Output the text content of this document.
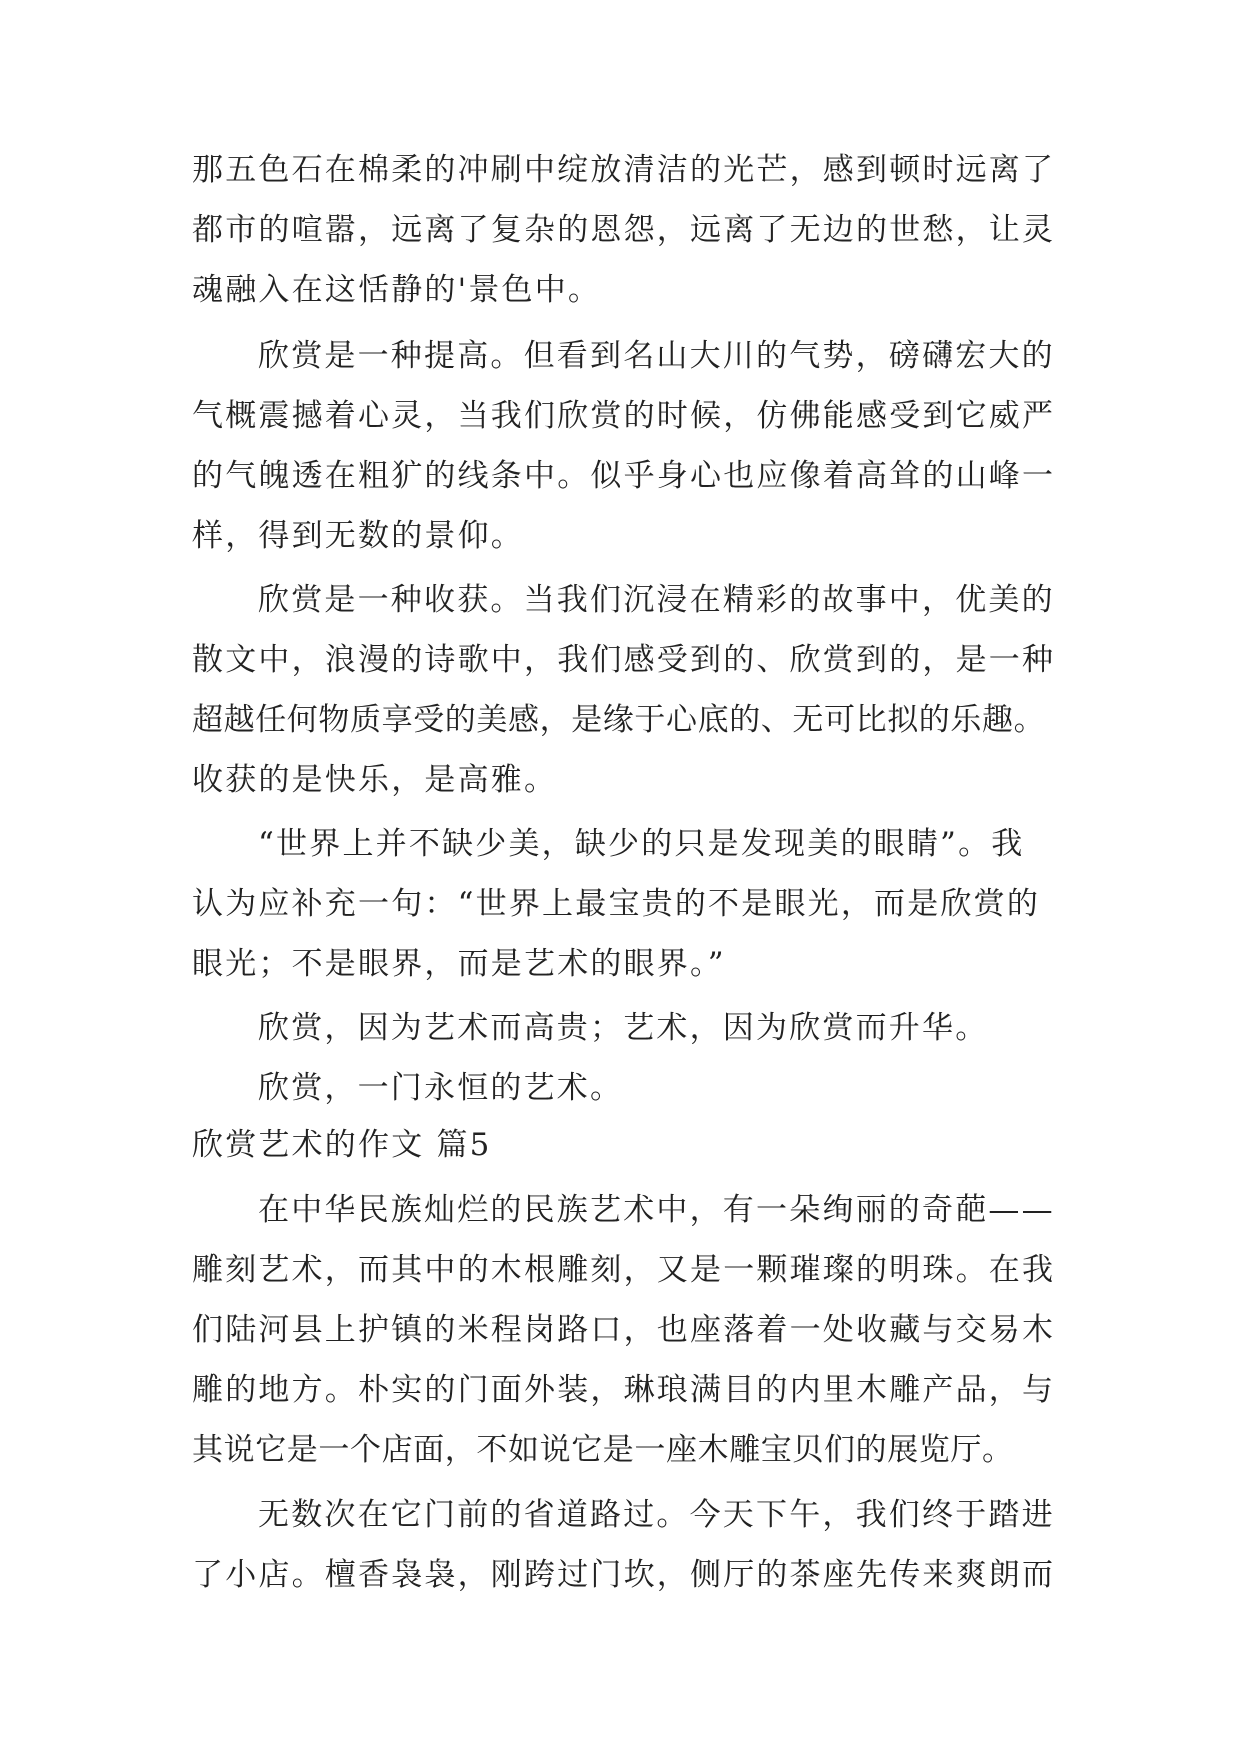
那五色石在棉柔的冲刷中绽放清洁的光芒，感到顿时远离了
都市的喧嚣，远离了复杂的恩怨，远离了无边的世愁，让灵
魂融入在这恬静的'景色中。
欣赏是一种提高。但看到名山大川的气势，磅礴宏大的
气概震撼着心灵，当我们欣赏的时候，仿佛能感受到它威严
的气魄透在粗犷的线条中。似乎身心也应像着高耸的山峰一
样，得到无数的景仰。
欣赏是一种收获。当我们沉浸在精彩的故事中，优美的
散文中，浪漫的诗歌中，我们感受到的、欣赏到的，是一种
超越任何物质享受的美感，是缘于心底的、无可比拟的乐趣。
收获的是快乐，是高雅。
“世界上并不缺少美，缺少的只是发现美的眼睛”。我
认为应补充一句：“世界上最宝贵的不是眼光，而是欣赏的
眼光；不是眼界，而是艺术的眼界。”
欣赏，因为艺术而高贵；艺术，因为欣赏而升华。
欣赏，一门永恒的艺术。
欣赏艺术的作文 篇5
在中华民族灿烂的民族艺术中，有一朵绚丽的奇葩——
雕刻艺术，而其中的木根雕刻，又是一颗璀璨的明珠。在我
们陆河县上护镇的米程岗路口，也座落着一处收藏与交易木
雕的地方。朴实的门面外装，琳琅满目的内里木雕产品，与
其说它是一个店面，不如说它是一座木雕宝贝们的展览厅。
无数次在它门前的省道路过。今天下午，我们终于踏进
了小店。檀香袅袅，刚跨过门坎，侧厅的茶座先传来爽朗而
